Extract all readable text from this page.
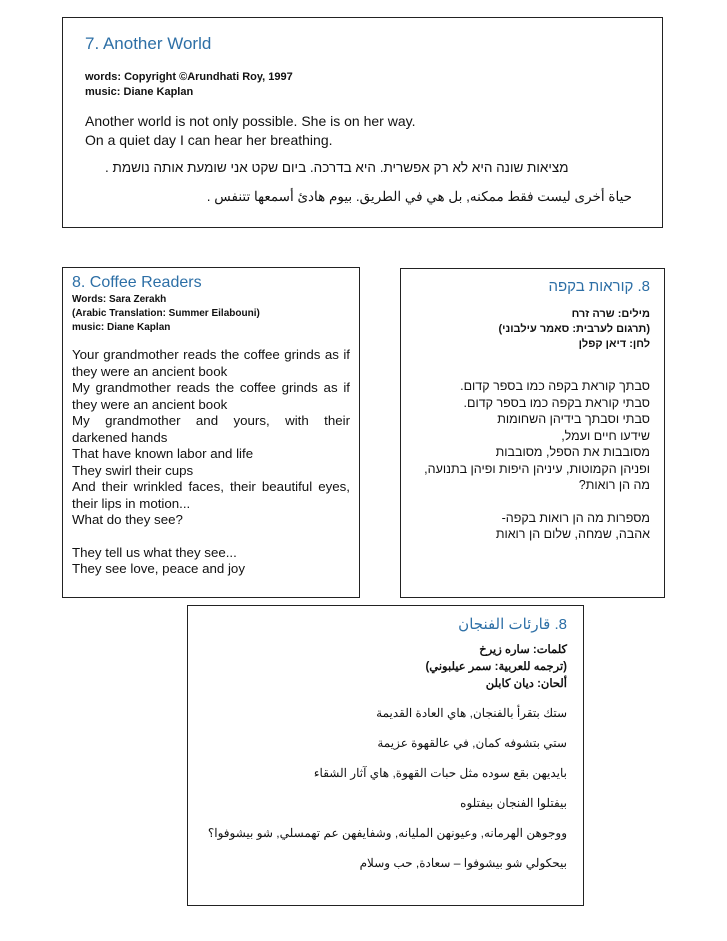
7. Another World
words: Copyright ©Arundhati Roy, 1997
music: Diane Kaplan
Another world is not only possible. She is on her way.
On a quiet day I can hear her breathing.
מציאות שונה היא לא רק אפשרית. היא בדרכה. ביום שקט אני שומעת אותה נושמת .
حياة أخرى ليست فقط ممكنه, بل هي في الطريق. بيوم هادئ أسمعها تتنفس .
8. Coffee Readers
Words: Sara Zerakh
(Arabic Translation: Summer Eilabouni)
music: Diane Kaplan

Your grandmother reads the coffee grinds as if they were an ancient book

My grandmother reads the coffee grinds as if they were an ancient book

My grandmother and yours, with their darkened hands

That have known labor and life

They swirl their cups

And their wrinkled faces, their beautiful eyes, their lips in motion...

What do they see?

They tell us what they see...

They see love, peace and joy

8. קוראות בקפה
מילים: שרה זרח
(תרגום לערבית: סאמר עילבוני)
לחן: דיאן קפלן

סבתך קוראת בקפה כמו בספר קדום.

סבתי קוראת בקפה כמו בספר קדום.

סבתי וסבתך בידיהן השחומות

שידעו חיים ועמל,

מסובבות את הספל, מסובבות

ופניהן הקמוטות, עיניהן היפות ופיהן בתנועה,

מה הן רואות?

מספרות מה הן רואות בקפה-

אהבה, שמחה, שלום הן רואות

8. قارئات الفنجان
كلمات: ساره زيرخ
(ترجمه للعربية: سمر عيلبوني)
ألحان: ديان كابلن

ستك بتقرأ بالفنجان, هاي العادة القديمة

ستي بتشوفه كمان, في عالقهوة عزيمة

بايديهن بقع سوده مثل حبات القهوة, هاي آثار الشقاء

بيفتلوا الفنجان بيفتلوه

ووجوهن الهرمانه, وعيونهن المليانه, وشفايفهن عم تهمسلي, شو بيشوفوا؟

بيحكولي شو بيشوفوا – سعادة, حب وسلام
